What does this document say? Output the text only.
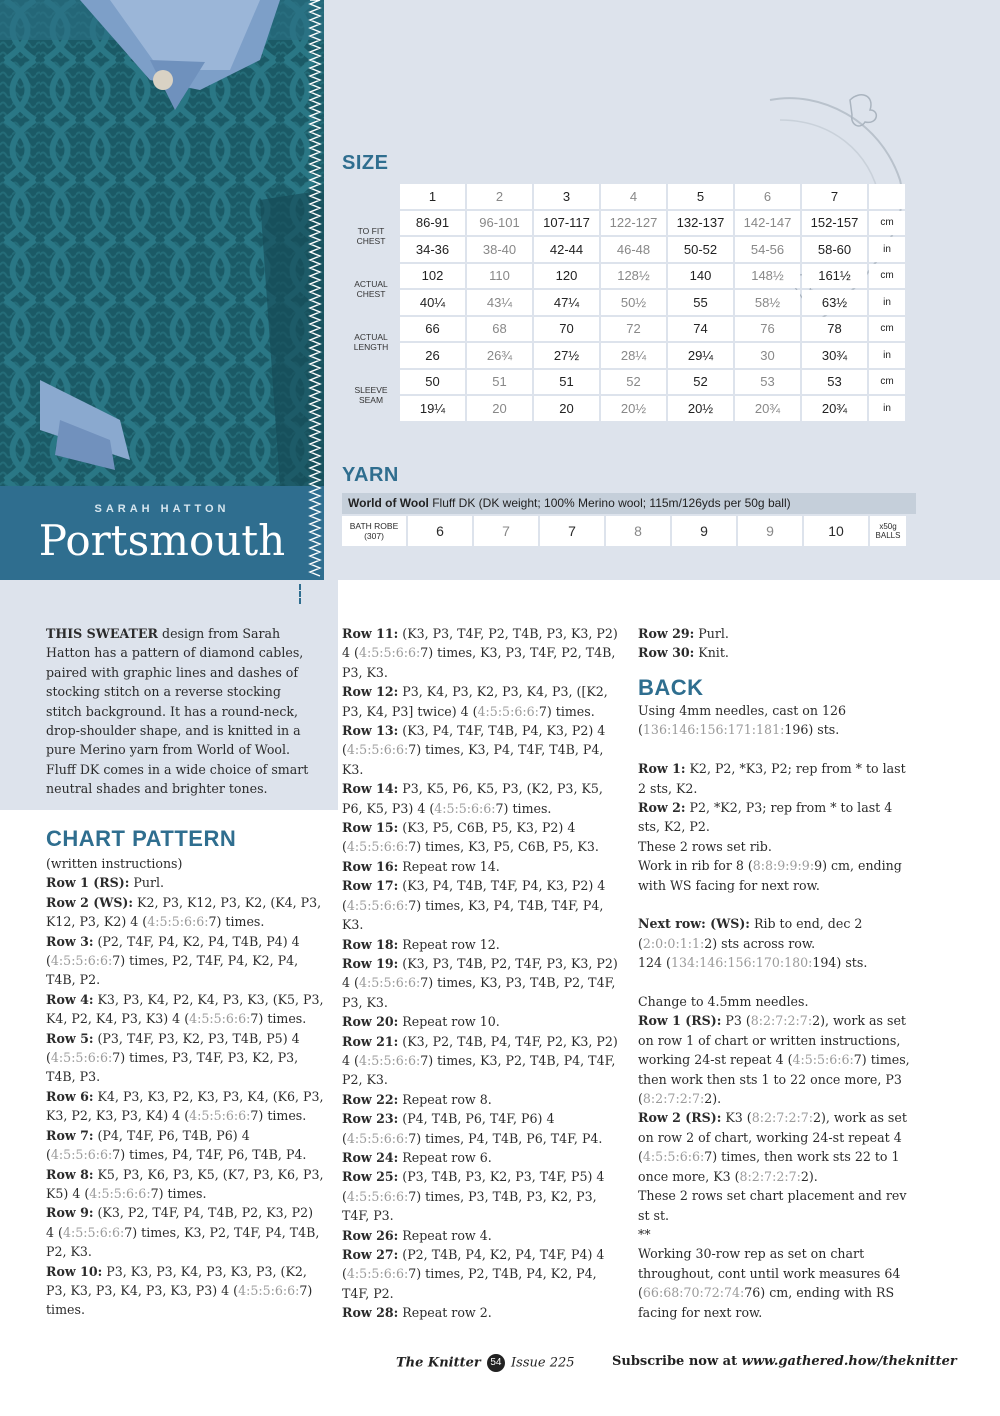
SARAH HATTON
Portsmouth
SIZE
	1	2	3	4	5	6	7	
TO FIT CHEST	86-91	96-101	107-117	122-127	132-137	142-147	152-157	cm
	34-36	38-40	42-44	46-48	50-52	54-56	58-60	in
ACTUAL CHEST	102	110	120	128½	140	148½	161½	cm
	40¼	43¼	47¼	50½	55	58½	63½	in
ACTUAL LENGTH	66	68	70	72	74	76	78	cm
	26	26¾	27½	28¼	29¼	30	30¾	in
SLEEVE SEAM	50	51	51	52	52	53	53	cm
	19¼	20	20	20½	20½	20¾	20¾	in
YARN
World of Wool Fluff DK (DK weight; 100% Merino wool; 115m/126yds per 50g ball)
BATH ROBE (307)	6	7	7	8	9	9	10	x50g BALLS

THIS SWEATER design from Sarah Hatton has a pattern of diamond cables, paired with graphic lines and dashes of stocking stitch on a reverse stocking stitch background. It has a round-neck, drop-shoulder shape, and is knitted in a pure Merino yarn from World of Wool. Fluff DK comes in a wide choice of smart neutral shades and brighter tones.

CHART PATTERN

(written instructions)

Row 1 (RS): Purl.

Row 2 (WS): K2, P3, K12, P3, K2, (K4, P3, K12, P3, K2) 4 (4:5:5:6:6:7) times.

Row 3: (P2, T4F, P4, K2, P4, T4B, P4) 4 (4:5:5:6:6:7) times, P2, T4F, P4, K2, P4, T4B, P2.

Row 4: K3, P3, K4, P2, K4, P3, K3, (K5, P3, K4, P2, K4, P3, K3) 4 (4:5:5:6:6:7) times.

Row 5: (P3, T4F, P3, K2, P3, T4B, P5) 4 (4:5:5:6:6:7) times, P3, T4F, P3, K2, P3, T4B, P3.

Row 6: K4, P3, K3, P2, K3, P3, K4, (K6, P3, K3, P2, K3, P3, K4) 4 (4:5:5:6:6:7) times.

Row 7: (P4, T4F, P6, T4B, P6) 4 (4:5:5:6:6:7) times, P4, T4F, P6, T4B, P4.

Row 8: K5, P3, K6, P3, K5, (K7, P3, K6, P3, K5) 4 (4:5:5:6:6:7) times.

Row 9: (K3, P2, T4F, P4, T4B, P2, K3, P2) 4 (4:5:5:6:6:7) times, K3, P2, T4F, P4, T4B, P2, K3.

Row 10: P3, K3, P3, K4, P3, K3, P3, (K2, P3, K3, P3, K4, P3, K3, P3) 4 (4:5:5:6:6:7) times.

Row 11: (K3, P3, T4F, P2, T4B, P3, K3, P2) 4 (4:5:5:6:6:7) times, K3, P3, T4F, P2, T4B, P3, K3.

Row 12: P3, K4, P3, K2, P3, K4, P3, ([K2, P3, K4, P3] twice) 4 (4:5:5:6:6:7) times.

Row 13: (K3, P4, T4F, T4B, P4, K3, P2) 4 (4:5:5:6:6:7) times, K3, P4, T4F, T4B, P4, K3.

Row 14: P3, K5, P6, K5, P3, (K2, P3, K5, P6, K5, P3) 4 (4:5:5:6:6:7) times.

Row 15: (K3, P5, C6B, P5, K3, P2) 4 (4:5:5:6:6:7) times, K3, P5, C6B, P5, K3.

Row 16: Repeat row 14.

Row 17: (K3, P4, T4B, T4F, P4, K3, P2) 4 (4:5:5:6:6:7) times, K3, P4, T4B, T4F, P4, K3.

Row 18: Repeat row 12.

Row 19: (K3, P3, T4B, P2, T4F, P3, K3, P2) 4 (4:5:5:6:6:7) times, K3, P3, T4B, P2, T4F, P3, K3.

Row 20: Repeat row 10.

Row 21: (K3, P2, T4B, P4, T4F, P2, K3, P2) 4 (4:5:5:6:6:7) times, K3, P2, T4B, P4, T4F, P2, K3.

Row 22: Repeat row 8.

Row 23: (P4, T4B, P6, T4F, P6) 4 (4:5:5:6:6:7) times, P4, T4B, P6, T4F, P4.

Row 24: Repeat row 6.

Row 25: (P3, T4B, P3, K2, P3, T4F, P5) 4 (4:5:5:6:6:7) times, P3, T4B, P3, K2, P3, T4F, P3.

Row 26: Repeat row 4.

Row 27: (P2, T4B, P4, K2, P4, T4F, P4) 4 (4:5:5:6:6:7) times, P2, T4B, P4, K2, P4, T4F, P2.

Row 28: Repeat row 2.

Row 29: Purl.

Row 30: Knit.

BACK

Using 4mm needles, cast on 126 (136:146:156:171:181:196) sts.

Row 1: K2, P2, *K3, P2; rep from * to last 2 sts, K2.

Row 2: P2, *K2, P3; rep from * to last 4 sts, K2, P2.

These 2 rows set rib.

Work in rib for 8 (8:8:9:9:9:9) cm, ending with WS facing for next row.

Next row: (WS): Rib to end, dec 2 (2:0:0:1:1:2) sts across row.

124 (134:146:156:170:180:194) sts.

Change to 4.5mm needles.

Row 1 (RS): P3 (8:2:7:2:7:2), work as set on row 1 of chart or written instructions, working 24-st repeat 4 (4:5:5:6:6:7) times, then work then sts 1 to 22 once more, P3 (8:2:7:2:7:2).

Row 2 (RS): K3 (8:2:7:2:7:2), work as set on row 2 of chart, working 24-st repeat 4 (4:5:5:6:6:7) times, then work sts 22 to 1 once more, K3 (8:2:7:2:7:2).

These 2 rows set chart placement and rev st st.

**

Working 30-row rep as set on chart throughout, cont until work measures 64 (66:68:70:72:74:76) cm, ending with RS facing for next row.

The Knitter 54 Issue 225	Subscribe now at www.gathered.how/theknitter
